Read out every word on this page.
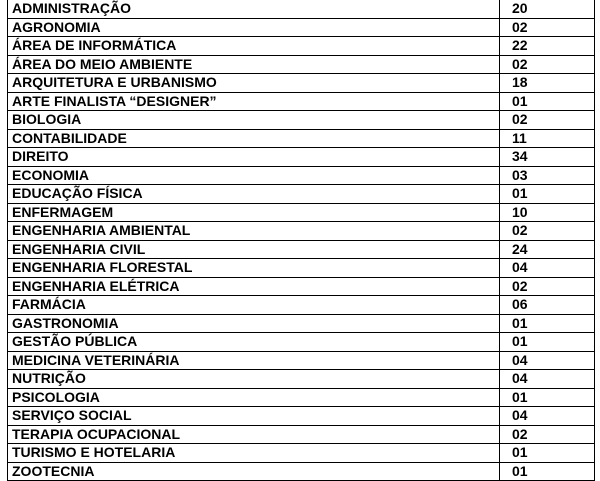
ADMINISTRAÇÃO	20
AGRONOMIA	02
ÁREA DE INFORMÁTICA	22
ÁREA DO MEIO AMBIENTE	02
ARQUITETURA E URBANISMO	18
ARTE FINALISTA “DESIGNER”	01
BIOLOGIA	02
CONTABILIDADE	11
DIREITO	34
ECONOMIA	03
EDUCAÇÃO FÍSICA	01
ENFERMAGEM	10
ENGENHARIA AMBIENTAL	02
ENGENHARIA CIVIL	24
ENGENHARIA FLORESTAL	04
ENGENHARIA ELÉTRICA	02
FARMÁCIA	06
GASTRONOMIA	01
GESTÃO PÚBLICA	01
MEDICINA VETERINÁRIA	04
NUTRIÇÃO	04
PSICOLOGIA	01
SERVIÇO SOCIAL	04
TERAPIA OCUPACIONAL	02
TURISMO E HOTELARIA	01
ZOOTECNIA	01
